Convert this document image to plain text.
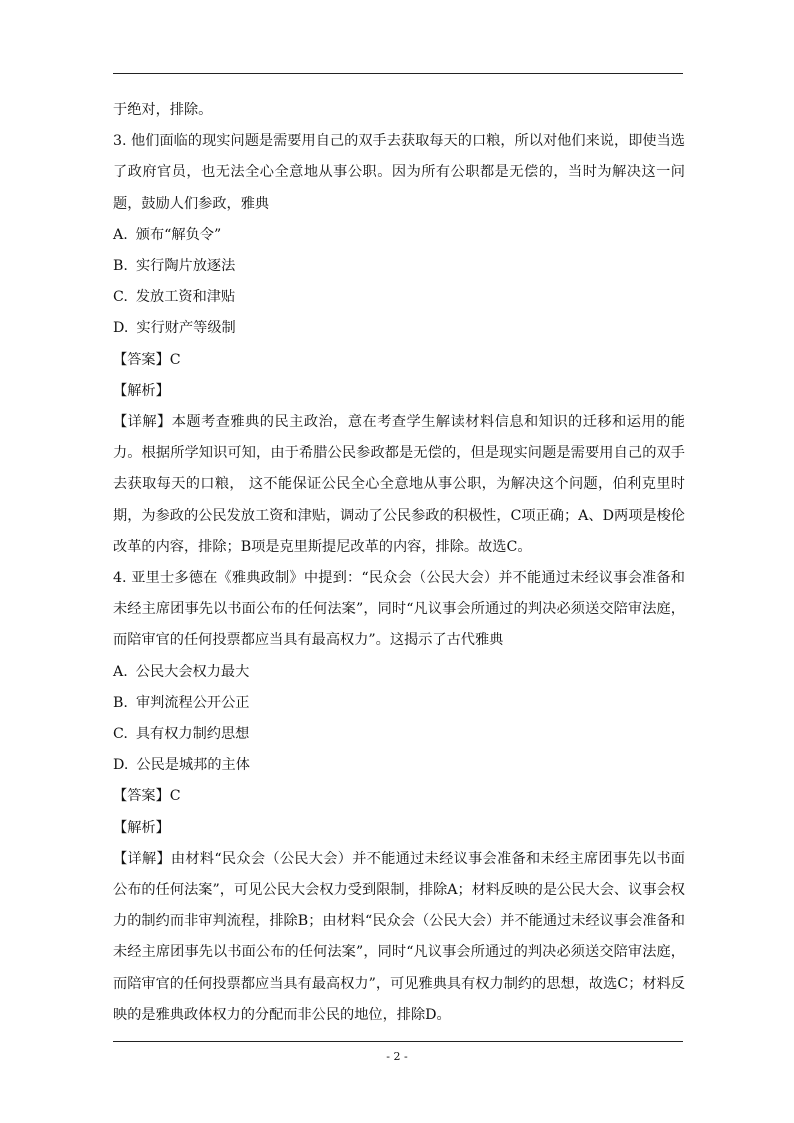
于绝对，排除。

3. 他们面临的现实问题是需要用自己的双手去获取每天的口粮，所以对他们来说，即使当选了政府官员，也无法全心全意地从事公职。因为所有公职都是无偿的，当时为解决这一问题，鼓励人们参政，雅典

A. 颁布“解负令”

B. 实行陶片放逐法

C. 发放工资和津贴

D. 实行财产等级制

【答案】C

【解析】

【详解】本题考查雅典的民主政治，意在考查学生解读材料信息和知识的迁移和运用的能力。根据所学知识可知，由于希腊公民参政都是无偿的，但是现实问题是需要用自己的双手去获取每天的口粮， 这不能保证公民全心全意地从事公职，为解决这个问题，伯利克里时期，为参政的公民发放工资和津贴，调动了公民参政的积极性，C项正确；A、D两项是梭伦改革的内容，排除；B项是克里斯提尼改革的内容，排除。故选C。

4. 亚里士多德在《雅典政制》中提到：“民众会（公民大会）并不能通过未经议事会准备和未经主席团事先以书面公布的任何法案”，同时“凡议事会所通过的判决必须送交陪审法庭，而陪审官的任何投票都应当具有最高权力”。这揭示了古代雅典

A. 公民大会权力最大

B. 审判流程公开公正

C. 具有权力制约思想

D. 公民是城邦的主体

【答案】C

【解析】

【详解】由材料“民众会（公民大会）并不能通过未经议事会准备和未经主席团事先以书面公布的任何法案”，可见公民大会权力受到限制，排除A；材料反映的是公民大会、议事会权力的制约而非审判流程，排除B；由材料“民众会（公民大会）并不能通过未经议事会准备和未经主席团事先以书面公布的任何法案”，同时“凡议事会所通过的判决必须送交陪审法庭，而陪审官的任何投票都应当具有最高权力”，可见雅典具有权力制约的思想，故选C；材料反映的是雅典政体权力的分配而非公民的地位，排除D。

- 2 -
